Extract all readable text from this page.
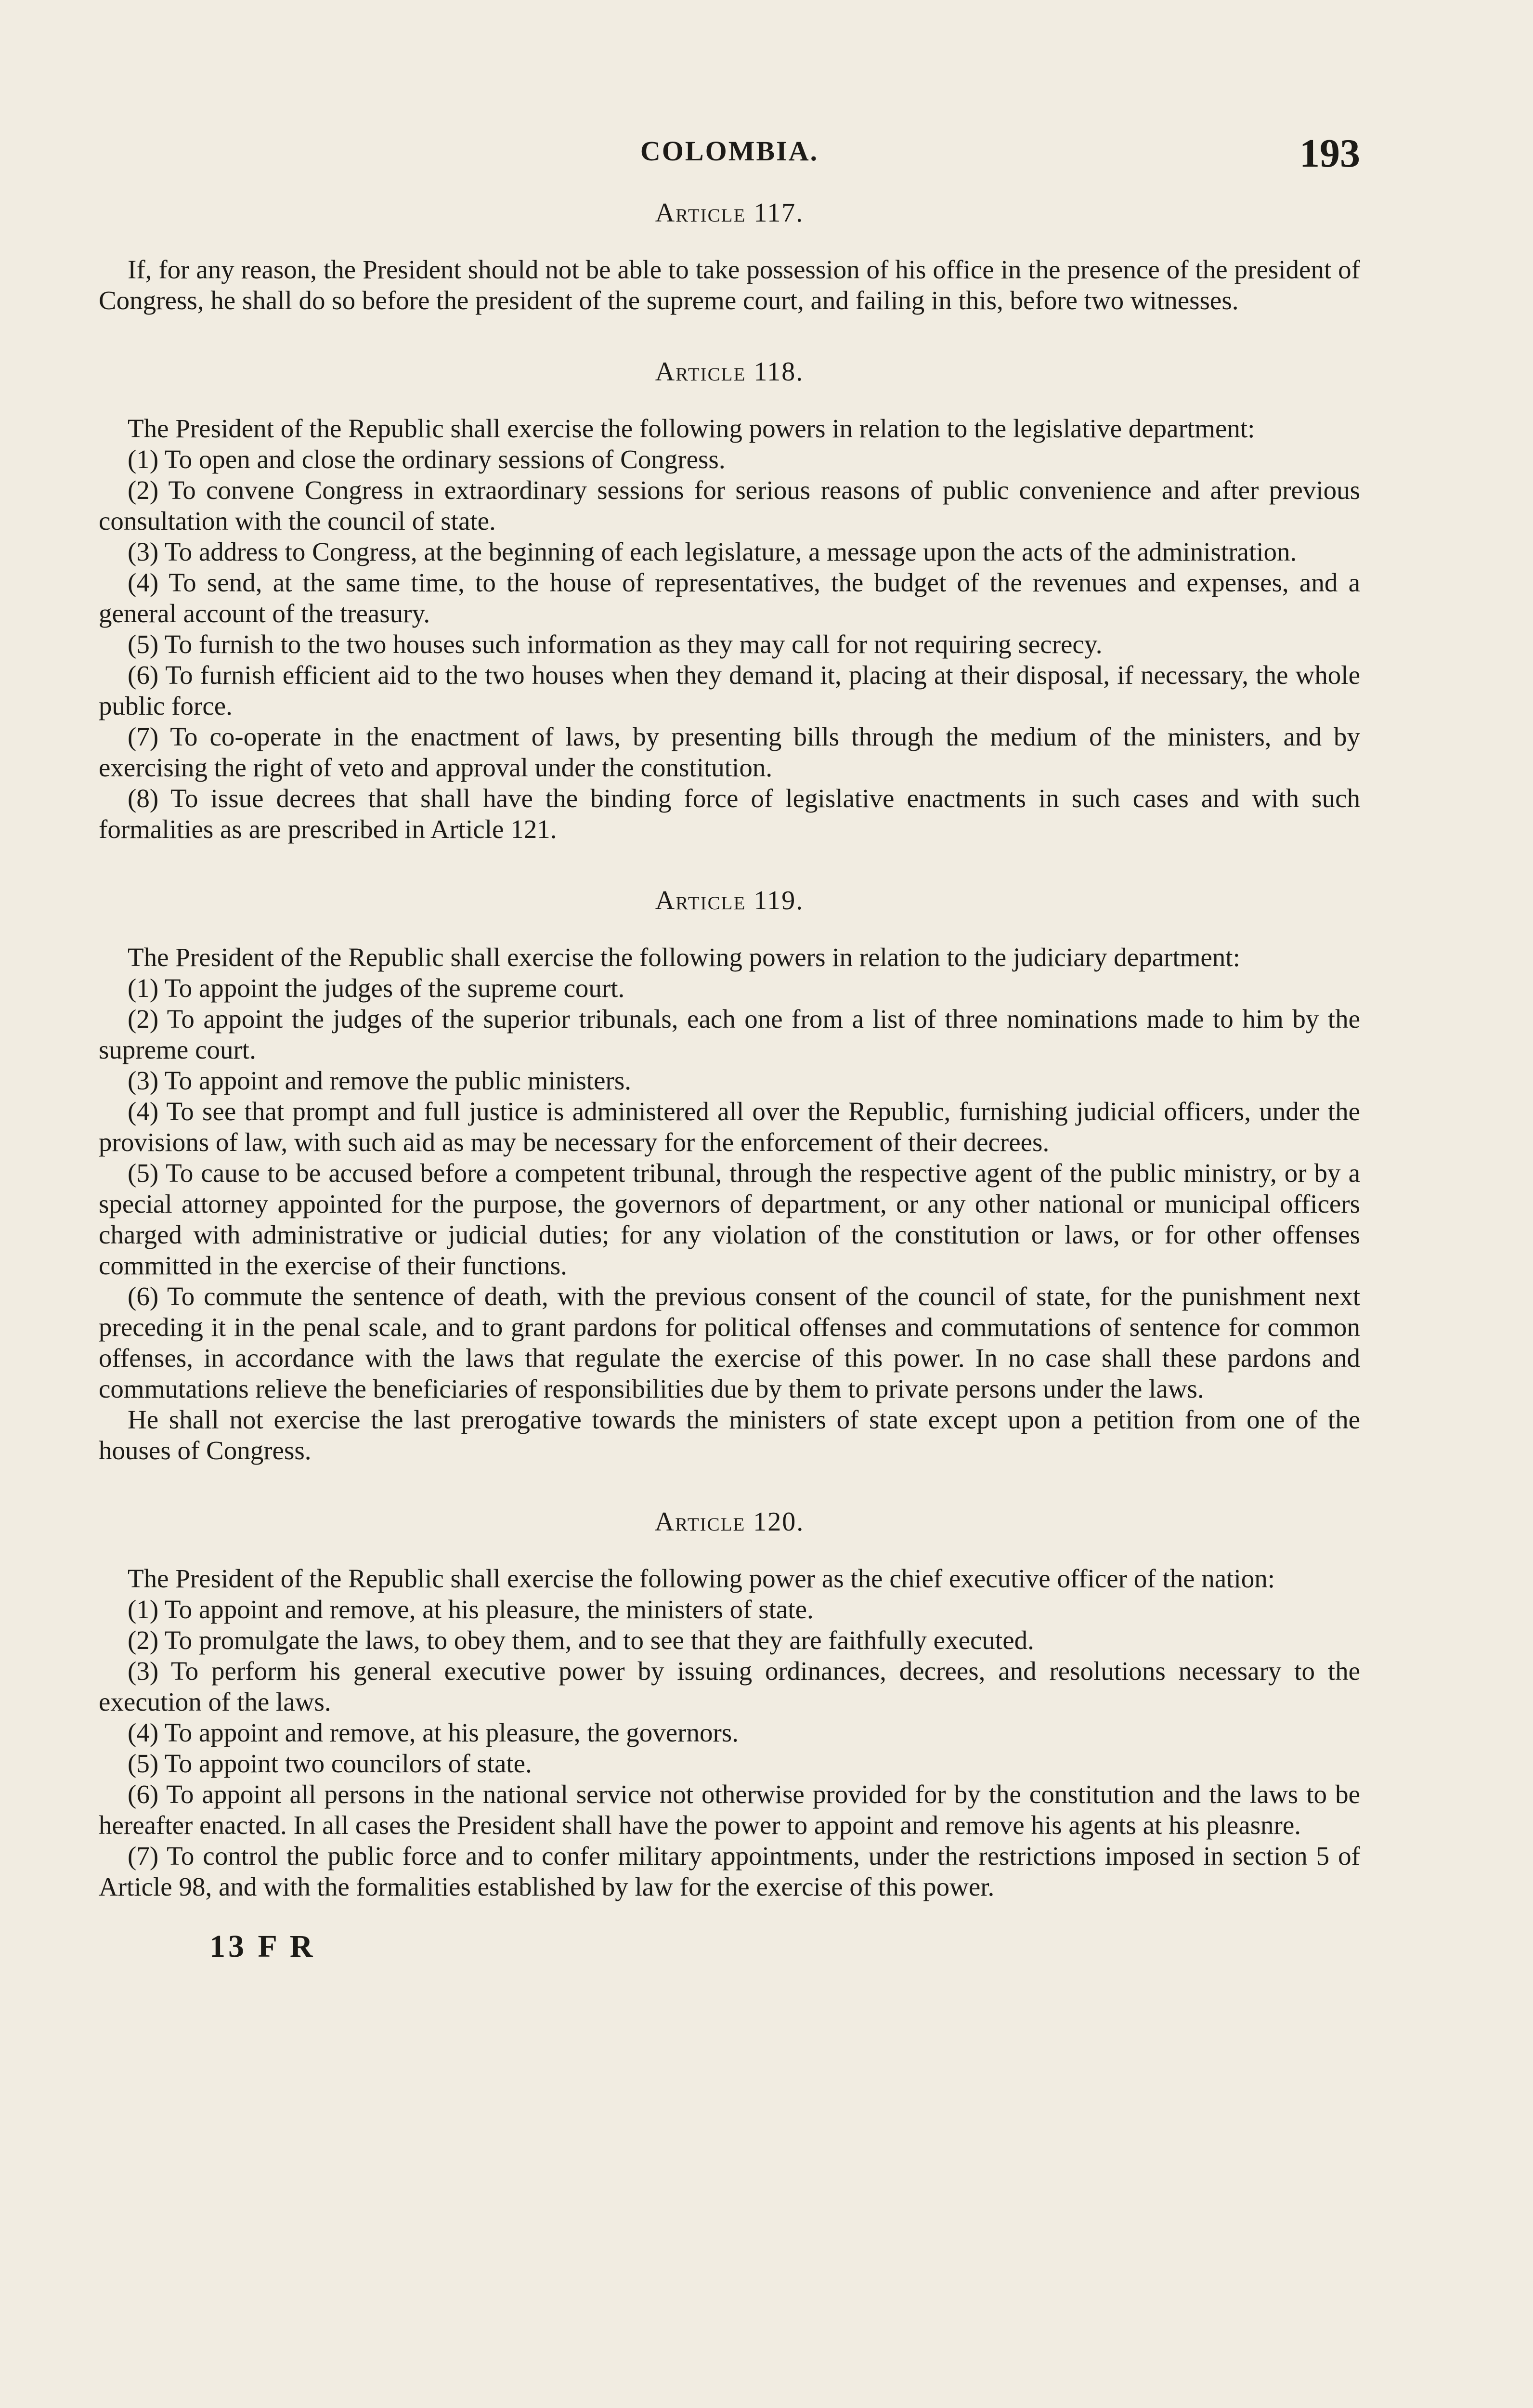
COLOMBIA.	193
Article 117.

If, for any reason, the President should not be able to take possession of his office in the presence of the president of Congress, he shall do so before the president of the supreme court, and failing in this, before two witnesses.

Article 118.

The President of the Republic shall exercise the following powers in relation to the legislative department:

(1) To open and close the ordinary sessions of Congress.

(2) To convene Congress in extraordinary sessions for serious reasons of public convenience and after previous consultation with the council of state.

(3) To address to Congress, at the beginning of each legislature, a message upon the acts of the administration.

(4) To send, at the same time, to the house of representatives, the budget of the revenues and expenses, and a general account of the treasury.

(5) To furnish to the two houses such information as they may call for not requiring secrecy.

(6) To furnish efficient aid to the two houses when they demand it, placing at their disposal, if necessary, the whole public force.

(7) To co-operate in the enactment of laws, by presenting bills through the medium of the ministers, and by exercising the right of veto and approval under the constitution.

(8) To issue decrees that shall have the binding force of legislative enactments in such cases and with such formalities as are prescribed in Article 121.

Article 119.

The President of the Republic shall exercise the following powers in relation to the judiciary department:

(1) To appoint the judges of the supreme court.

(2) To appoint the judges of the superior tribunals, each one from a list of three nominations made to him by the supreme court.

(3) To appoint and remove the public ministers.

(4) To see that prompt and full justice is administered all over the Republic, furnishing judicial officers, under the provisions of law, with such aid as may be necessary for the enforcement of their decrees.

(5) To cause to be accused before a competent tribunal, through the respective agent of the public ministry, or by a special attorney appointed for the purpose, the governors of department, or any other national or municipal officers charged with administrative or judicial duties; for any violation of the constitution or laws, or for other offenses committed in the exercise of their functions.

(6) To commute the sentence of death, with the previous consent of the council of state, for the punishment next preceding it in the penal scale, and to grant pardons for political offenses and commutations of sentence for common offenses, in accordance with the laws that regulate the exercise of this power. In no case shall these pardons and commutations relieve the beneficiaries of responsibilities due by them to private persons under the laws.

He shall not exercise the last prerogative towards the ministers of state except upon a petition from one of the houses of Congress.

Article 120.

The President of the Republic shall exercise the following power as the chief executive officer of the nation:

(1) To appoint and remove, at his pleasure, the ministers of state.

(2) To promulgate the laws, to obey them, and to see that they are faithfully executed.

(3) To perform his general executive power by issuing ordinances, decrees, and resolutions necessary to the execution of the laws.

(4) To appoint and remove, at his pleasure, the governors.

(5) To appoint two councilors of state.

(6) To appoint all persons in the national service not otherwise provided for by the constitution and the laws to be hereafter enacted. In all cases the President shall have the power to appoint and remove his agents at his pleasnre.

(7) To control the public force and to confer military appointments, under the restrictions imposed in section 5 of Article 98, and with the formalities established by law for the exercise of this power.

13 F R
